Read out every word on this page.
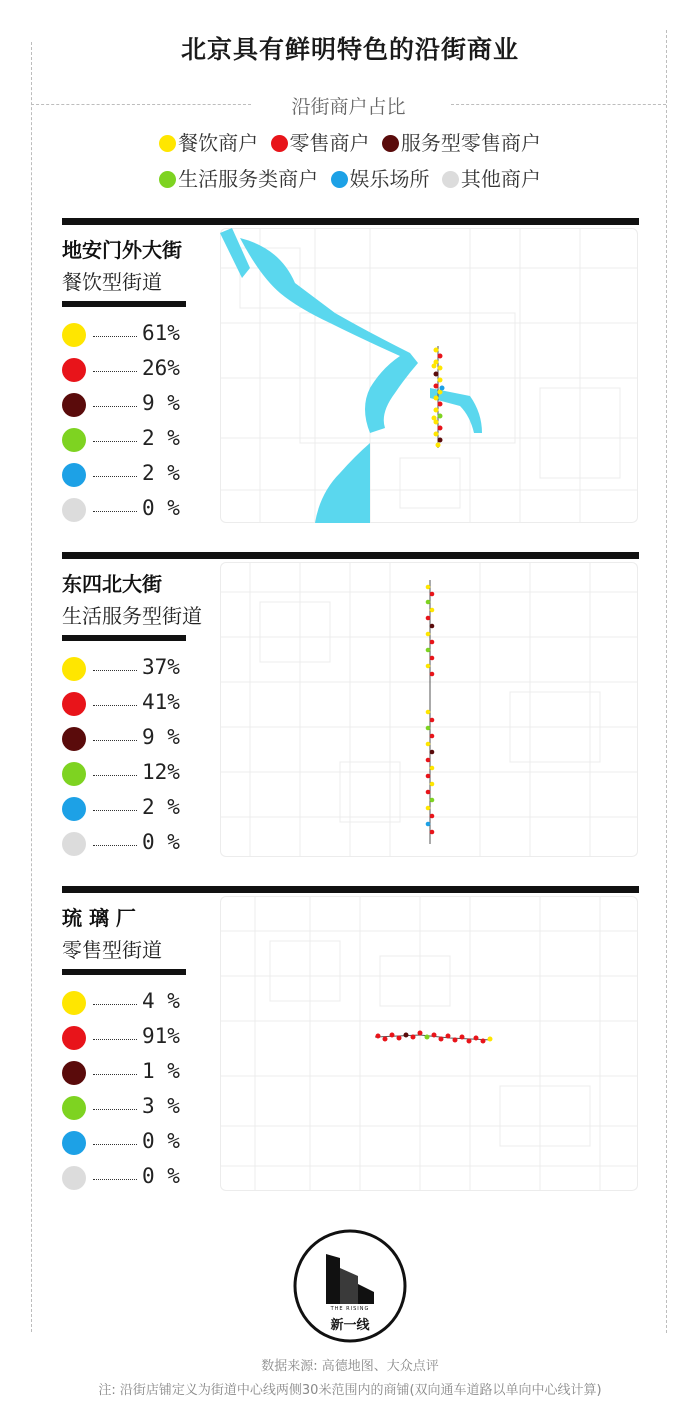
北京具有鲜明特色的沿街商业
沿街商户占比
餐饮商户 零售商户 服务型零售商户
生活服务类商户 娱乐场所 其他商户
地安门外大街
餐饮型街道
61%
26%
9 %
2 %
2 %
0 %
东四北大街
生活服务型街道
37%
41%
9 %
12%
2 %
0 %
琉 璃 厂
零售型街道
4 %
91%
1 %
3 %
0 %
0 %
THE RISING
新一线
数据来源: 高德地图、大众点评
注: 沿街店铺定义为街道中心线两侧30米范围内的商铺(双向通车道路以单向中心线计算)
